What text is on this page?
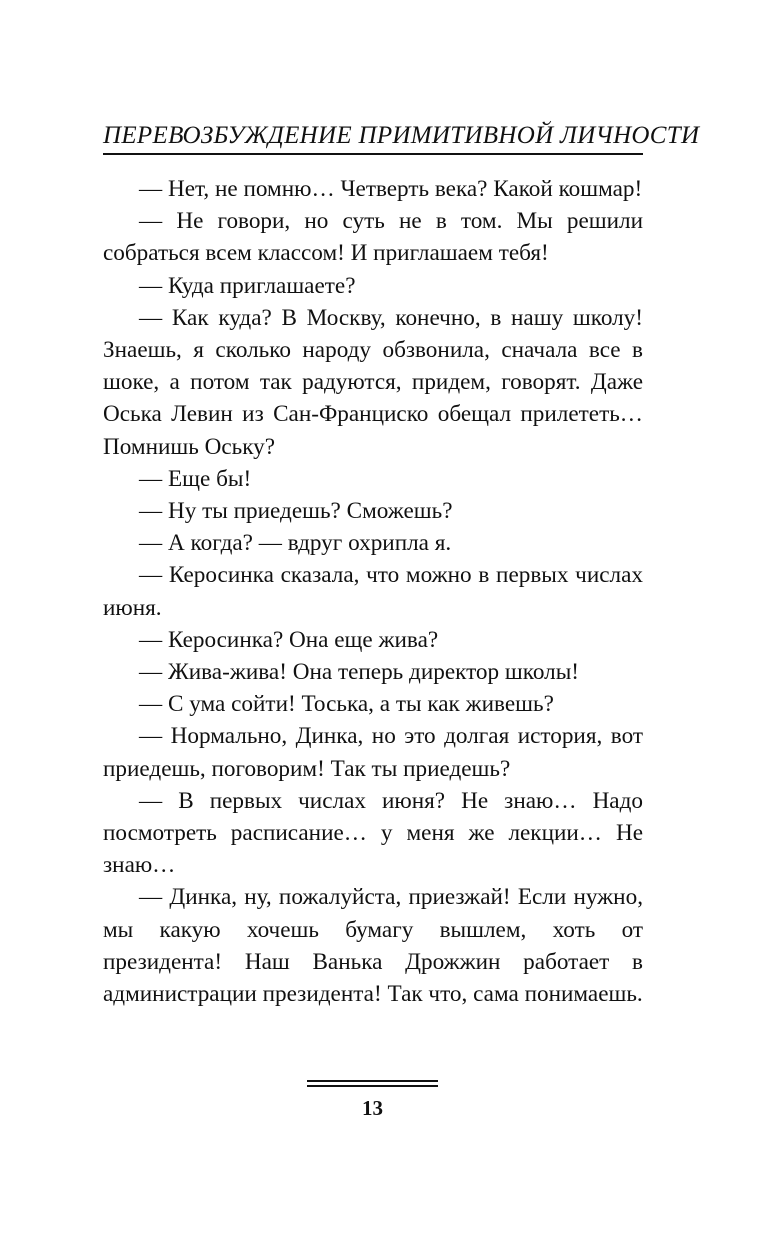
ПЕРЕВОЗБУЖДЕНИЕ ПРИМИТИВНОЙ ЛИЧНОСТИ

— Нет, не помню… Четверть века? Какой кошмар!

— Не говори, но суть не в том. Мы решили собраться всем классом! И приглашаем тебя!

— Куда приглашаете?

— Как куда? В Москву, конечно, в нашу школу! Знаешь, я сколько народу обзвонила, сначала все в шоке, а потом так радуются, придем, говорят. Даже Оська Левин из Сан-Франциско обещал прилететь… Помнишь Оську?

— Еще бы!

— Ну ты приедешь? Сможешь?

— А когда? — вдруг охрипла я.

— Керосинка сказала, что можно в первых числах июня.

— Керосинка? Она еще жива?

— Жива-жива! Она теперь директор школы!

— С ума сойти! Тоська, а ты как живешь?

— Нормально, Динка, но это долгая история, вот приедешь, поговорим! Так ты приедешь?

— В первых числах июня? Не знаю… Надо посмотреть расписание… у меня же лекции… Не знаю…

— Динка, ну, пожалуйста, приезжай! Если нужно, мы какую хочешь бумагу вышлем, хоть от президента! Наш Ванька Дрожжин работает в администрации президента! Так что, сама понимаешь.

13
